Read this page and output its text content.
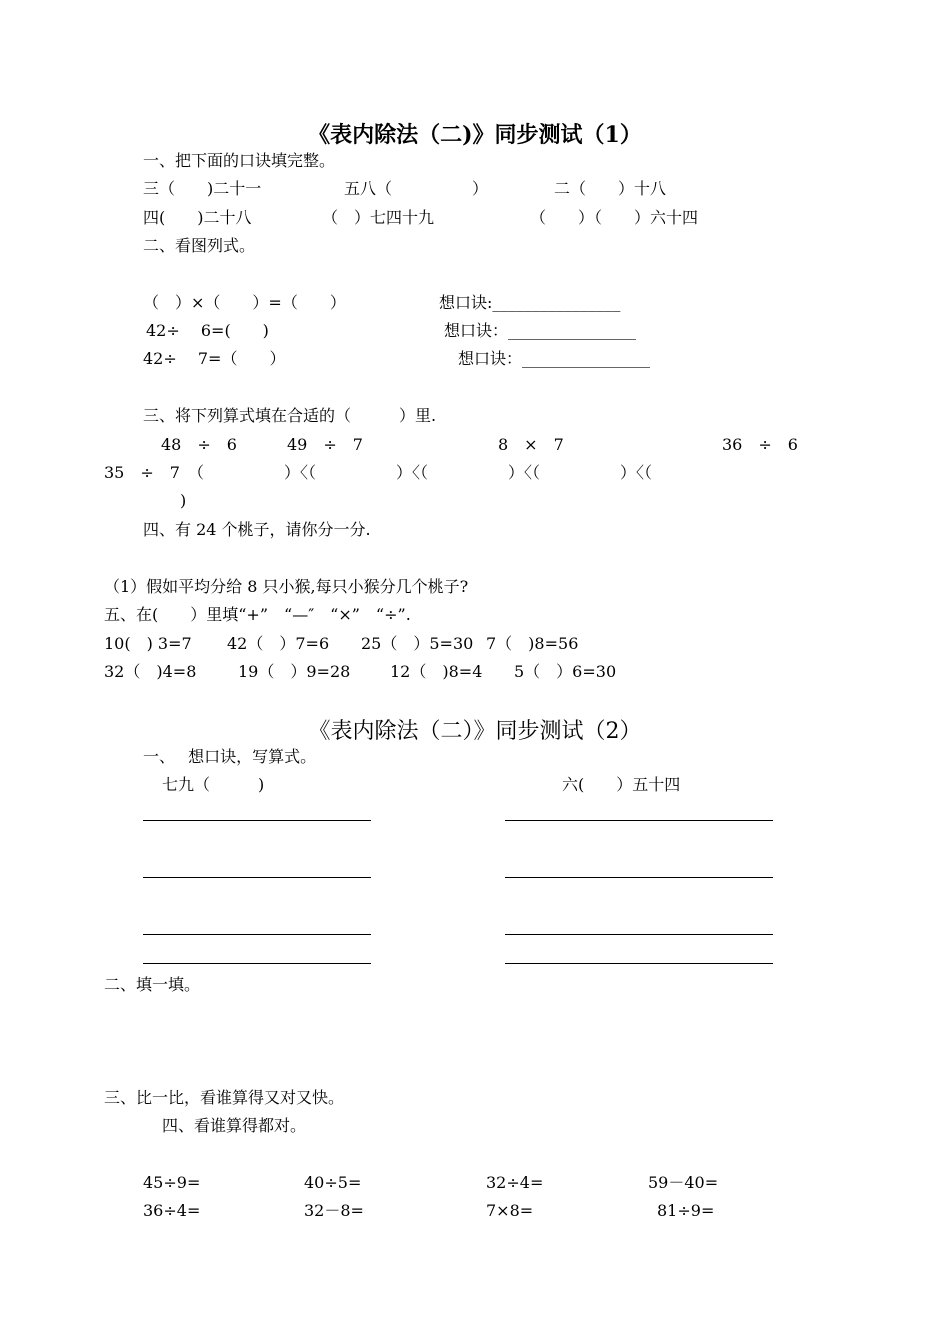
《表内除法（二)》同步测试（1）
一、把下面的口诀填完整。
三（　　)二十一	五八（　　　　　）	二（　　）十八
四(　　)二十八	（　）七四十九	（　　）（　　）六十四
二、看图列式。
（　）×（　　）=（　　）	想口诀:________________
42÷　 6=(　　)	想口诀：________________
42÷　 7=（　　）	想口诀：________________
三、将下列算式填在合适的（　　　）里.
48　÷　6	49　÷　7	8　×　7	36　÷　6
35　÷　7　（　　　　　）〈（　　　　　）〈（　　　　　）〈（　　　　　）〈（
)
四、有 24 个桃子，请你分一分.
（1）假如平均分给 8 只小猴,每只小猴分几个桃子?
五、在(　　）里填“+”　“—″　“×”　“÷”.
10(　) 3=7 42（　）7=6 25（　）5=30 7（　)8=56
32（　)4=8	19（　）9=28 12（　)8=4 5（　）6=30
《表内除法（二）》同步测试（2）
一、　 想口诀，写算式。
七九（　　　)	六(　　）五十四
二、填一填。
三、比一比，看谁算得又对又快。
四、看谁算得都对。
45÷9=	40÷5=	32÷4=	59－40=
36÷4=	32－8=	7×8=	81÷9=
